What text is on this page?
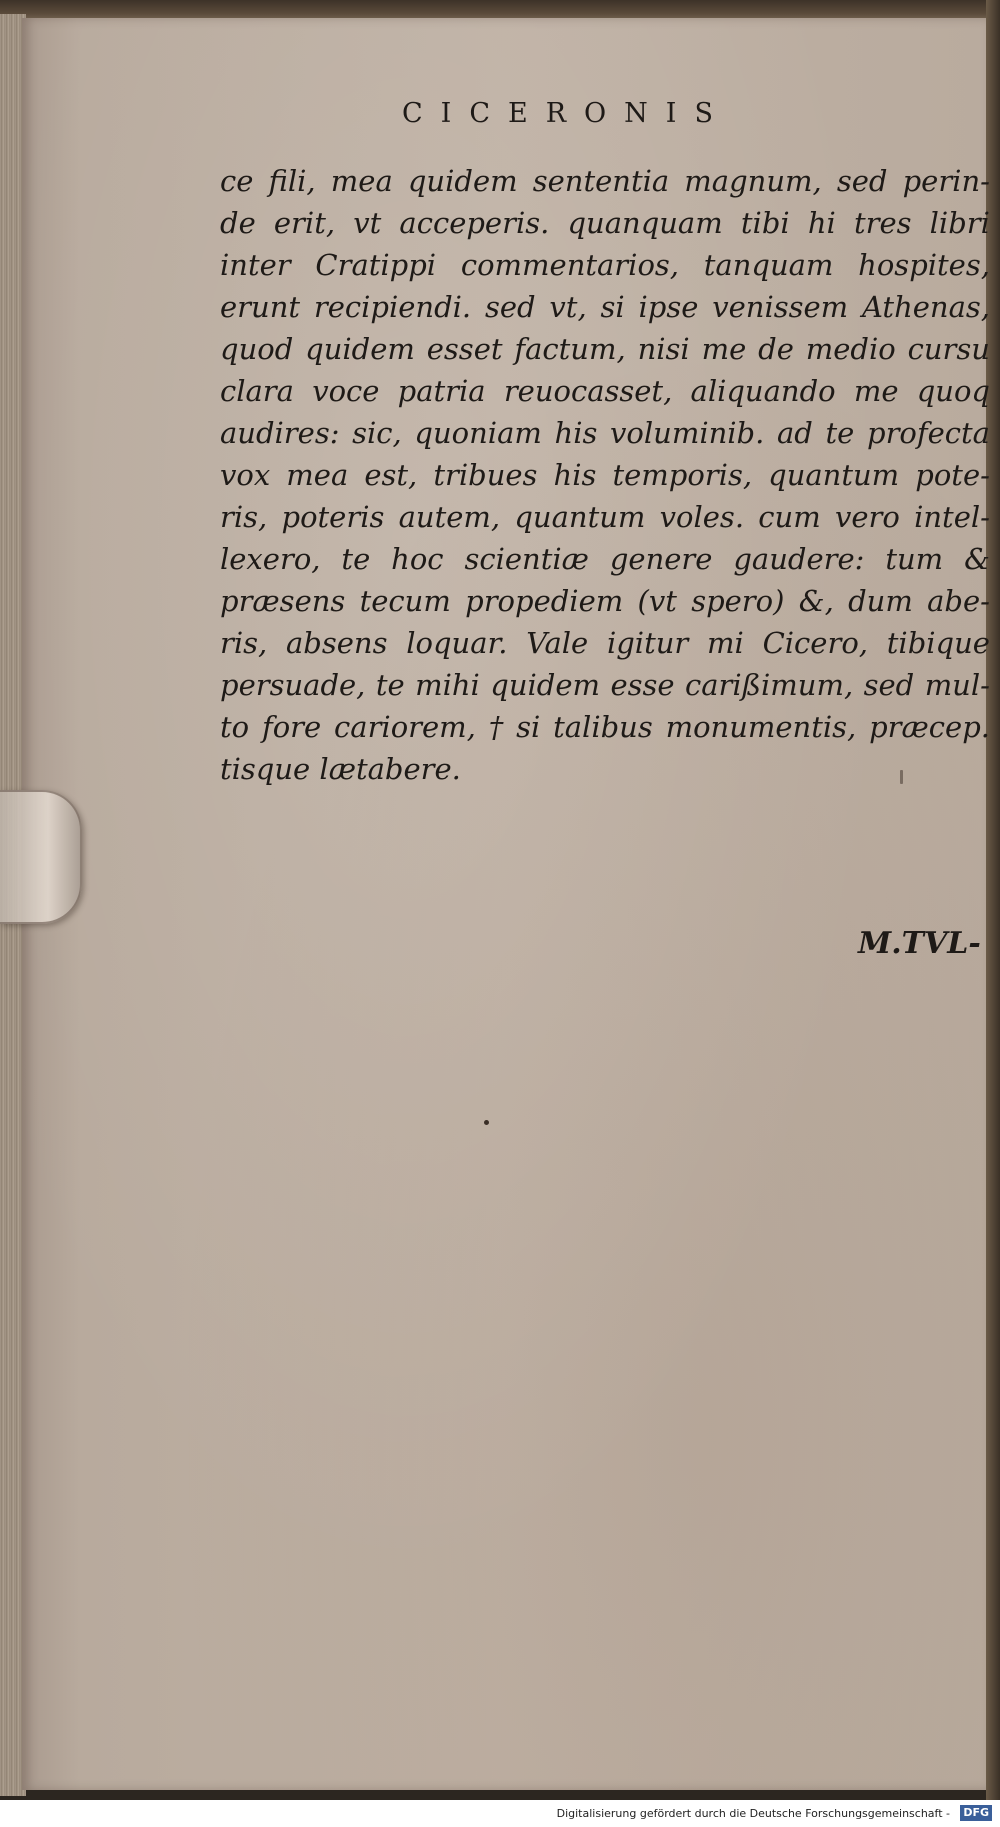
CICERONIS
ce fili, mea quidem sententia magnum, sed perin-
de erit, vt acceperis. quanquam tibi hi tres libri
inter Cratippi commentarios, tanquam hospites,
erunt recipiendi. sed vt, si ipse venissem Athenas,
quod quidem esset factum, nisi me de medio cursu
clara voce patria reuocasset, aliquando me quoq
audires: sic, quoniam his voluminib. ad te profecta
vox mea est, tribues his temporis, quantum pote-
ris, poteris autem, quantum voles. cum vero intel-
lexero, te hoc scientiæ genere gaudere: tum &
præsens tecum propediem (vt spero) &, dum abe-
ris, absens loquar. Vale igitur mi Cicero, tibique
persuade, te mihi quidem esse carißimum, sed mul-
to fore cariorem, † si talibus monumentis, præcep.
tisque lætabere.
M.TVL-
Digitalisierung gefördert durch die Deutsche Forschungsgemeinschaft - DFG
